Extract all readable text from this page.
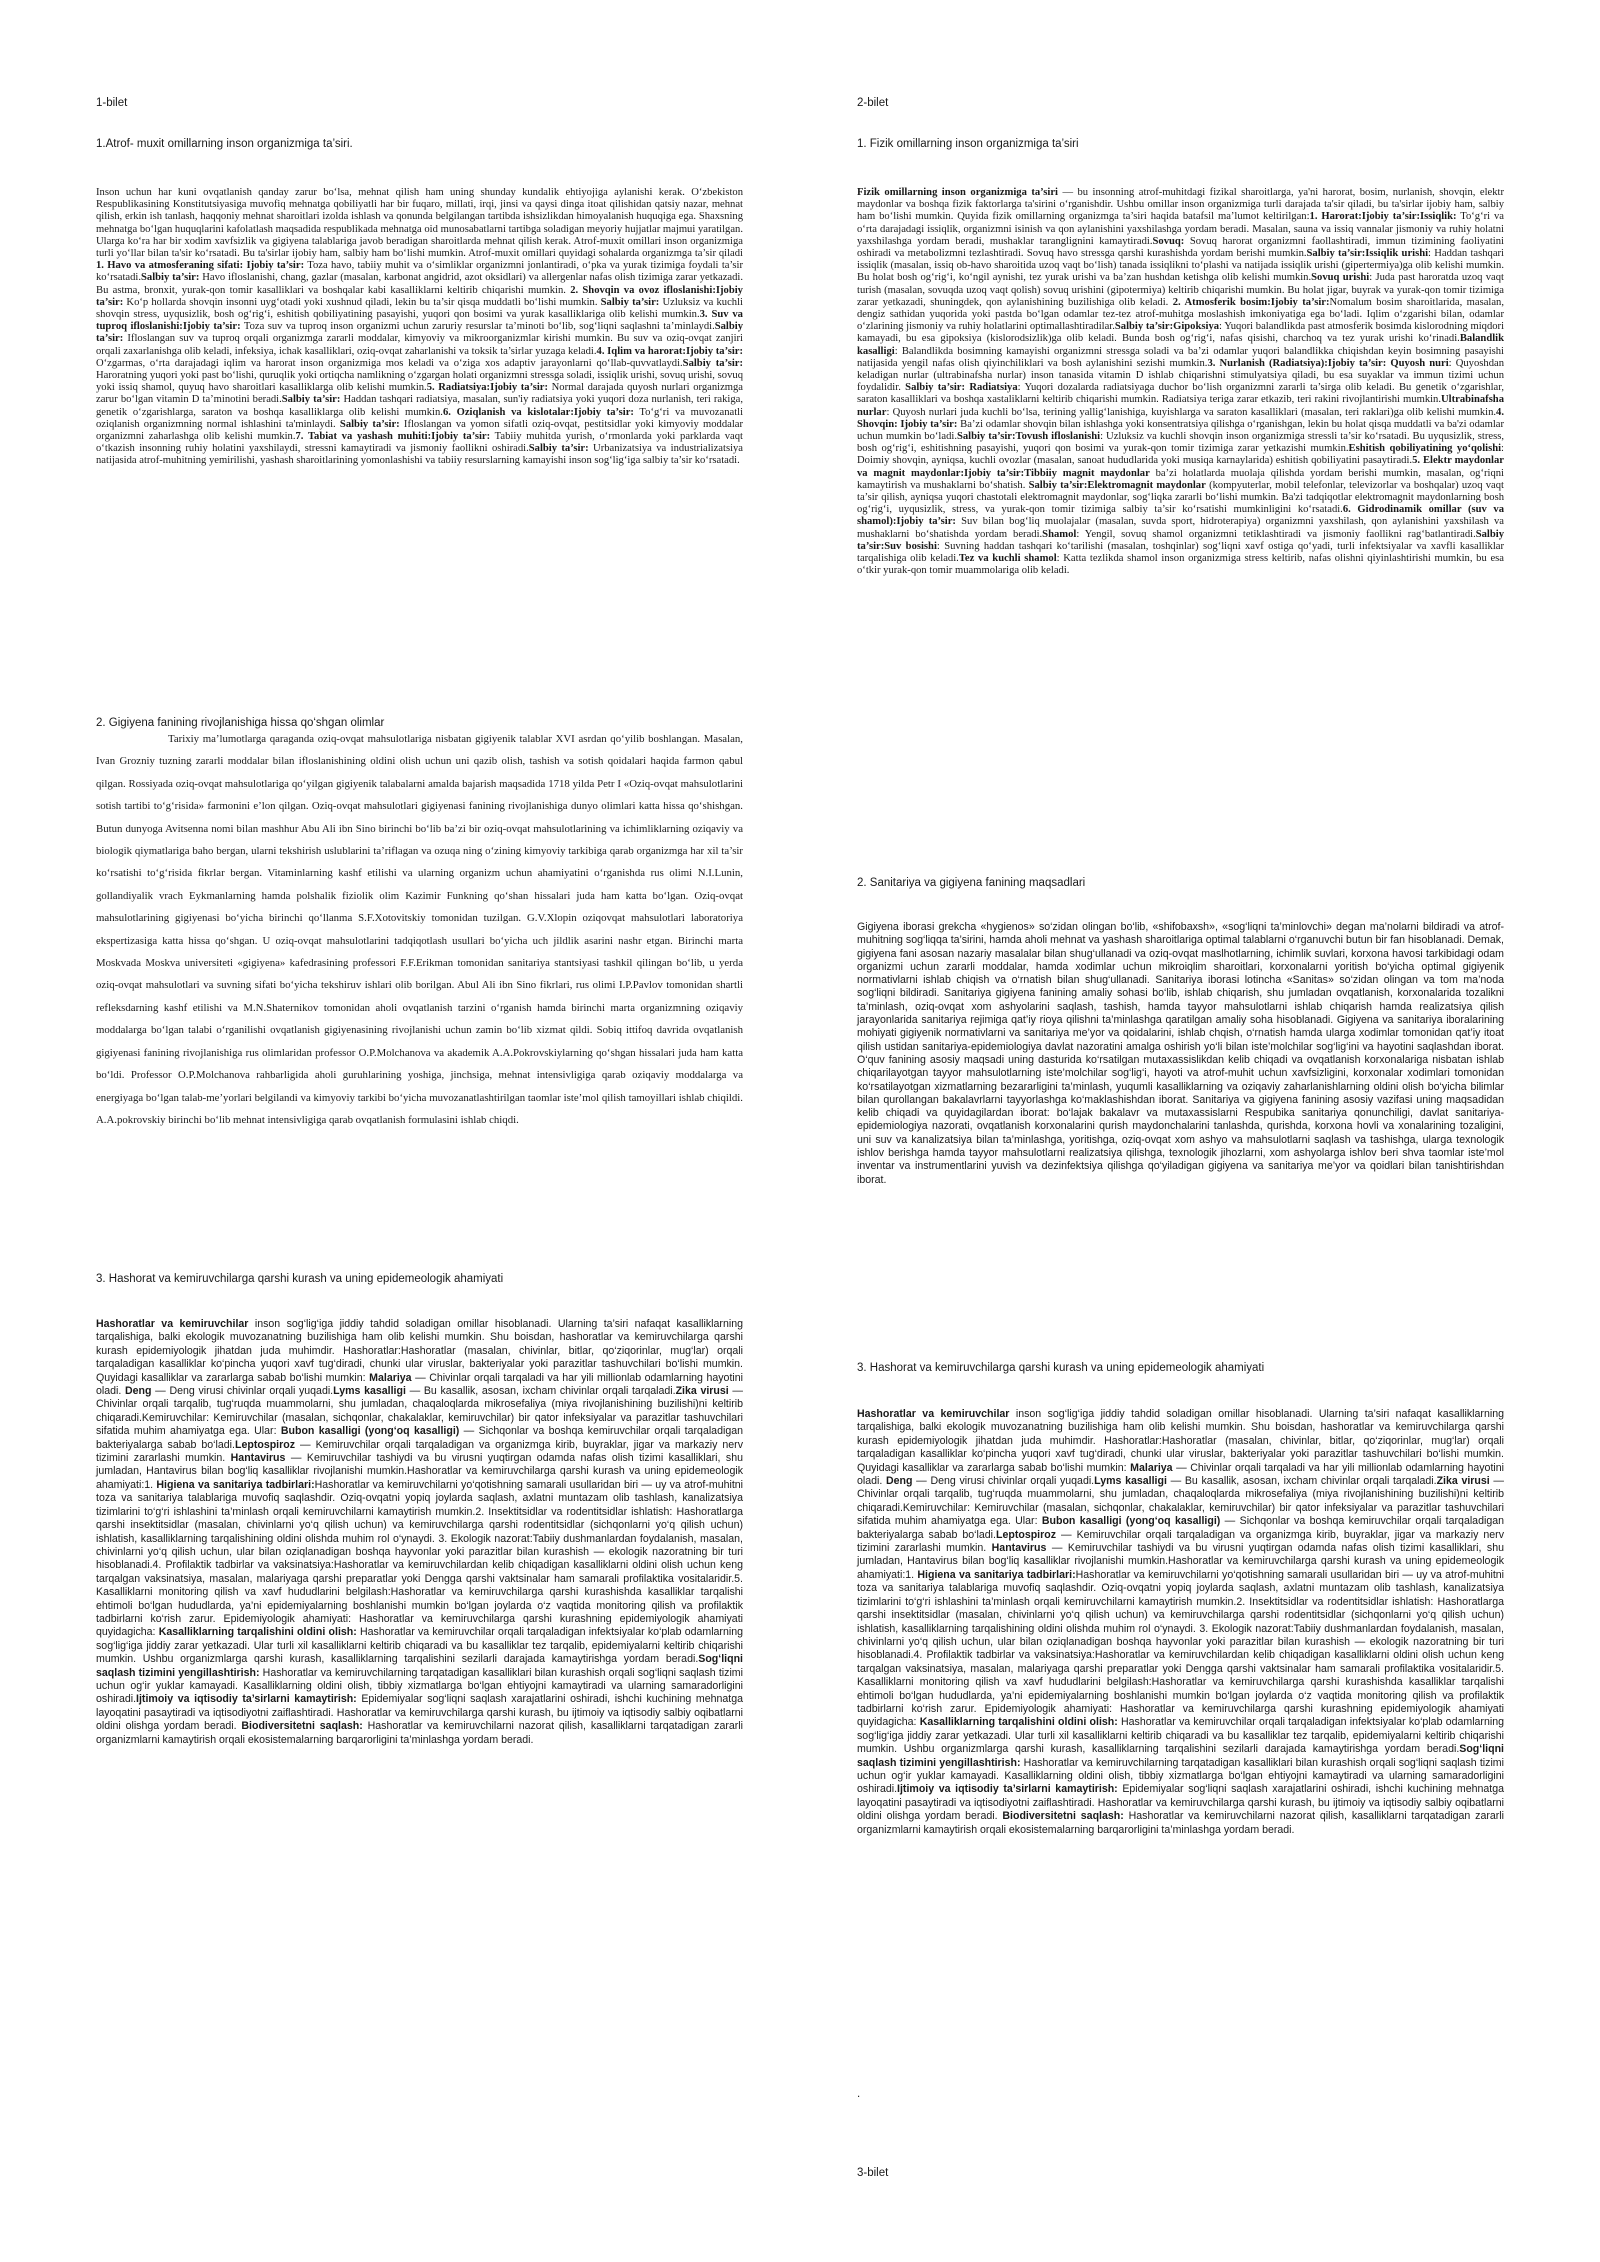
1-bilet
1.Atrof- muxit omillarning inson organizmiga ta’siri.

Inson uchun har kuni ovqatlanish qanday zarur bo‘lsa, mehnat qilish ham uning shunday kundalik ehtiyojiga aylanishi kerak. O‘zbekiston Respublikasining Konstitutsiyasiga muvofiq mehnatga qobiliyatli har bir fuqaro, millati, irqi, jinsi va qaysi dinga itoat qilishidan qatsiy nazar, mehnat qilish, erkin ish tanlash, haqqoniy mehnat sharoitlari izolda ishlash va qonunda belgilangan tartibda ishsizlikdan himoyalanish huquqiga ega. Shaxsning mehnatga bo‘lgan huquqlarini kafolatlash maqsadida respublikada mehnatga oid munosabatlarni tartibga soladigan meyoriy hujjatlar majmui yaratilgan. Ularga ko‘ra har bir xodim xavfsizlik va gigiyena talablariga javob beradigan sharoitlarda mehnat qilish kerak. Atrof-muxit omillari inson organizmiga turli yo‘llar bilan ta'sir ko‘rsatadi. Bu ta'sirlar ijobiy ham, salbiy ham bo‘lishi mumkin. Atrof-muxit omillari quyidagi sohalarda organizmga ta’sir qiladi 1. Havo va atmosferaning sifati: Ijobiy ta’sir: Toza havo, tabiiy muhit va o‘simliklar organizmni jonlantiradi, o‘pka va yurak tizimiga foydali ta’sir ko‘rsatadi.Salbiy ta’sir: Havo ifloslanishi, chang, gazlar (masalan, karbonat angidrid, azot oksidlari) va allergenlar nafas olish tizimiga zarar yetkazadi. Bu astma, bronxit, yurak-qon tomir kasalliklari va boshqalar kabi kasalliklarni keltirib chiqarishi mumkin. 2. Shovqin va ovoz ifloslanishi:Ijobiy ta’sir: Ko‘p hollarda shovqin insonni uyg‘otadi yoki xushnud qiladi, lekin bu ta’sir qisqa muddatli bo‘lishi mumkin. Salbiy ta’sir: Uzluksiz va kuchli shovqin stress, uyqusizlik, bosh og‘rig‘i, eshitish qobiliyatining pasayishi, yuqori qon bosimi va yurak kasalliklariga olib kelishi mumkin.3. Suv va tuproq ifloslanishi:Ijobiy ta’sir: Toza suv va tuproq inson organizmi uchun zaruriy resurslar ta’minoti bo‘lib, sog‘liqni saqlashni ta’minlaydi.Salbiy ta’sir: Ifloslangan suv va tuproq orqali organizmga zararli moddalar, kimyoviy va mikroorganizmlar kirishi mumkin. Bu suv va oziq-ovqat zanjiri orqali zaxarlanishga olib keladi, infeksiya, ichak kasalliklari, oziq-ovqat zaharlanishi va toksik ta’sirlar yuzaga keladi.4. Iqlim va harorat:Ijobiy ta’sir: O‘zgarmas, o‘rta darajadagi iqlim va harorat inson organizmiga mos keladi va o‘ziga xos adaptiv jarayonlarni qo‘llab-quvvatlaydi.Salbiy ta’sir: Haroratning yuqori yoki past bo‘lishi, quruqlik yoki ortiqcha namlikning o‘zgargan holati organizmni stressga soladi, issiqlik urishi, sovuq urishi, sovuq yoki issiq shamol, quyuq havo sharoitlari kasalliklarga olib kelishi mumkin.5. Radiatsiya:Ijobiy ta’sir: Normal darajada quyosh nurlari organizmga zarur bo‘lgan vitamin D ta’minotini beradi.Salbiy ta’sir: Haddan tashqari radiatsiya, masalan, sun'iy radiatsiya yoki yuqori doza nurlanish, teri rakiga, genetik o‘zgarishlarga, saraton va boshqa kasalliklarga olib kelishi mumkin.6. Oziqlanish va kislotalar:Ijobiy ta’sir: To‘g‘ri va muvozanatli oziqlanish organizmning normal ishlashini ta'minlaydi. Salbiy ta’sir: Ifloslangan va yomon sifatli oziq-ovqat, pestitsidlar yoki kimyoviy moddalar organizmni zaharlashga olib kelishi mumkin.7. Tabiat va yashash muhiti:Ijobiy ta’sir: Tabiiy muhitda yurish, o‘rmonlarda yoki parklarda vaqt o‘tkazish insonning ruhiy holatini yaxshilaydi, stressni kamaytiradi va jismoniy faollikni oshiradi.Salbiy ta’sir: Urbanizatsiya va industrializatsiya natijasida atrof-muhitning yemirilishi, yashash sharoitlarining yomonlashishi va tabiiy resurslarning kamayishi inson sog‘lig‘iga salbiy ta’sir ko‘rsatadi.

2. Gigiyena fanining rivojlanishiga hissa qo‘shgan olimlar

Tarixiy ma’lumotlarga qaraganda oziq-ovqat mahsulotlariga nisbatan gigiyenik talablar XVI asrdan qo‘yilib boshlangan. Masalan, Ivan Grozniy tuzning zararli moddalar bilan ifloslanishining oldini olish uchun uni qazib olish, tashish va sotish qoidalari haqida farmon qabul qilgan. Rossiyada oziq-ovqat mahsulotlariga qo‘yilgan gigiyenik talabalarni amalda bajarish maqsadida 1718 yilda Petr I «Oziq-ovqat mahsulotlarini sotish tartibi to‘g‘risida» farmonini e’lon qilgan. Oziq-ovqat mahsulotlari gigiyenasi fanining rivojlanishiga dunyo olimlari katta hissa qo‘shishgan. Butun dunyoga Avitsenna nomi bilan mashhur Abu Ali ibn Sino birinchi bo‘lib ba’zi bir oziq-ovqat mahsulotlarining va ichimliklarning oziqaviy va biologik qiymatlariga baho bergan, ularni tekshirish uslublarini ta’riflagan va ozuqa ning o‘zining kimyoviy tarkibiga qarab organizmga har xil ta’sir ko‘rsatishi to‘g‘risida fikrlar bergan. Vitaminlarning kashf etilishi va ularning organizm uchun ahamiyatini o‘rganishda rus olimi N.I.Lunin, gollandiyalik vrach Eykmanlarning hamda polshalik fiziolik olim Kazimir Funkning qo‘shan hissalari juda ham katta bo‘lgan. Oziq-ovqat mahsulotlarining gigiyenasi bo‘yicha birinchi qo‘llanma S.F.Xotovitskiy tomonidan tuzilgan. G.V.Xlopin oziqovqat mahsulotlari laboratoriya ekspertizasiga katta hissa qo‘shgan. U oziq-ovqat mahsulotlarini tadqiqotlash usullari bo‘yicha uch jildlik asarini nashr etgan. Birinchi marta Moskvada Moskva universiteti «gigiyena» kafedrasining professori F.F.Erikman tomonidan sanitariya stantsiyasi tashkil qilingan bo‘lib, u yerda oziq-ovqat mahsulotlari va suvning sifati bo‘yicha tekshiruv ishlari olib borilgan. Abul Ali ibn Sino fikrlari, rus olimi I.P.Pavlov tomonidan shartli refleksdarning kashf etilishi va M.N.Shaternikov tomonidan aholi ovqatlanish tarzini o‘rganish hamda birinchi marta organizmning oziqaviy moddalarga bo‘lgan talabi o‘rganilishi ovqatlanish gigiyenasining rivojlanishi uchun zamin bo‘lib xizmat qildi. Sobiq ittifoq davrida ovqatlanish gigiyenasi fanining rivojlanishiga rus olimlaridan professor O.P.Molchanova va akademik A.A.Pokrovskiylarning qo‘shgan hissalari juda ham katta bo‘ldi. Professor O.P.Molchanova rahbarligida aholi guruhlarining yoshiga, jinchsiga, mehnat intensivligiga qarab oziqaviy moddalarga va energiyaga bo‘lgan talab-me’yorlari belgilandi va kimyoviy tarkibi bo‘yicha muvozanatlashtirilgan taomlar iste’mol qilish tamoyillari ishlab chiqildi. A.A.pokrovskiy birinchi bo‘lib mehnat intensivligiga qarab ovqatlanish formulasini ishlab chiqdi.

3. Hashorat va kemiruvchilarga qarshi kurash va uning epidemeologik ahamiyati

Hashoratlar va kemiruvchilar inson sog‘lig‘iga jiddiy tahdid soladigan omillar hisoblanadi. Ularning ta’siri nafaqat kasalliklarning tarqalishiga, balki ekologik muvozanatning buzilishiga ham olib kelishi mumkin. Shu boisdan, hashoratlar va kemiruvchilarga qarshi kurash epidemiyologik jihatdan juda muhimdir. Hashoratlar:Hashoratlar (masalan, chivinlar, bitlar, qo‘ziqorinlar, mug‘lar) orqali tarqaladigan kasalliklar ko‘pincha yuqori xavf tug‘diradi, chunki ular viruslar, bakteriyalar yoki parazitlar tashuvchilari bo‘lishi mumkin. Quyidagi kasalliklar va zararlarga sabab bo‘lishi mumkin: Malariya — Chivinlar orqali tarqaladi va har yili millionlab odamlarning hayotini oladi. Deng — Deng virusi chivinlar orqali yuqadi.Lyms kasalligi — Bu kasallik, asosan, ixcham chivinlar orqali tarqaladi.Zika virusi — Chivinlar orqali tarqalib, tug‘ruqda muammolarni, shu jumladan, chaqaloqlarda mikrosefaliya (miya rivojlanishining buzilishi)ni keltirib chiqaradi.Kemiruvchilar: Kemiruvchilar (masalan, sichqonlar, chakalaklar, kemiruvchilar) bir qator infeksiyalar va parazitlar tashuvchilari sifatida muhim ahamiyatga ega. Ular: Bubon kasalligi (yong‘oq kasalligi) — Sichqonlar va boshqa kemiruvchilar orqali tarqaladigan bakteriyalarga sabab bo‘ladi.Leptospiroz — Kemiruvchilar orqali tarqaladigan va organizmga kirib, buyraklar, jigar va markaziy nerv tizimini zararlashi mumkin. Hantavirus — Kemiruvchilar tashiydi va bu virusni yuqtirgan odamda nafas olish tizimi kasalliklari, shu jumladan, Hantavirus bilan bog‘liq kasalliklar rivojlanishi mumkin.Hashoratlar va kemiruvchilarga qarshi kurash va uning epidemeologik ahamiyati:1. Higiena va sanitariya tadbirlari:Hashoratlar va kemiruvchilarni yo‘qotishning samarali usullaridan biri — uy va atrof-muhitni toza va sanitariya talablariga muvofiq saqlashdir. Oziq-ovqatni yopiq joylarda saqlash, axlatni muntazam olib tashlash, kanalizatsiya tizimlarini to‘g‘ri ishlashini ta’minlash orqali kemiruvchilarni kamaytirish mumkin.2. Insektitsidlar va rodentitsidlar ishlatish: Hashoratlarga qarshi insektitsidlar (masalan, chivinlarni yo‘q qilish uchun) va kemiruvchilarga qarshi rodentitsidlar (sichqonlarni yo‘q qilish uchun) ishlatish, kasalliklarning tarqalishining oldini olishda muhim rol o‘ynaydi. 3. Ekologik nazorat:Tabiiy dushmanlardan foydalanish, masalan, chivinlarni yo‘q qilish uchun, ular bilan oziqlanadigan boshqa hayvonlar yoki parazitlar bilan kurashish — ekologik nazoratning bir turi hisoblanadi.4. Profilaktik tadbirlar va vaksinatsiya:Hashoratlar va kemiruvchilardan kelib chiqadigan kasalliklarni oldini olish uchun keng tarqalgan vaksinatsiya, masalan, malariyaga qarshi preparatlar yoki Dengga qarshi vaktsinalar ham samarali profilaktika vositalaridir.5. Kasalliklarni monitoring qilish va xavf hududlarini belgilash:Hashoratlar va kemiruvchilarga qarshi kurashishda kasalliklar tarqalishi ehtimoli bo‘lgan hududlarda, ya’ni epidemiyalarning boshlanishi mumkin bo‘lgan joylarda o‘z vaqtida monitoring qilish va profilaktik tadbirlarni ko‘rish zarur. Epidemiyologik ahamiyati: Hashoratlar va kemiruvchilarga qarshi kurashning epidemiyologik ahamiyati quyidagicha: Kasalliklarning tarqalishini oldini olish: Hashoratlar va kemiruvchilar orqali tarqaladigan infektsiyalar ko‘plab odamlarning sog‘lig‘iga jiddiy zarar yetkazadi. Ular turli xil kasalliklarni keltirib chiqaradi va bu kasalliklar tez tarqalib, epidemiyalarni keltirib chiqarishi mumkin. Ushbu organizmlarga qarshi kurash, kasalliklarning tarqalishini sezilarli darajada kamaytirishga yordam beradi.Sog‘liqni saqlash tizimini yengillashtirish: Hashoratlar va kemiruvchilarning tarqatadigan kasalliklari bilan kurashish orqali sog‘liqni saqlash tizimi uchun og‘ir yuklar kamayadi. Kasalliklarning oldini olish, tibbiy xizmatlarga bo‘lgan ehtiyojni kamaytiradi va ularning samaradorligini oshiradi.Ijtimoiy va iqtisodiy ta’sirlarni kamaytirish: Epidemiyalar sog‘liqni saqlash xarajatlarini oshiradi, ishchi kuchining mehnatga layoqatini pasaytiradi va iqtisodiyotni zaiflashtiradi. Hashoratlar va kemiruvchilarga qarshi kurash, bu ijtimoiy va iqtisodiy salbiy oqibatlarni oldini olishga yordam beradi. Biodiversitetni saqlash: Hashoratlar va kemiruvchilarni nazorat qilish, kasalliklarni tarqatadigan zararli organizmlarni kamaytirish orqali ekosistemalarning barqarorligini ta’minlashga yordam beradi.

2-bilet
1. Fizik omillarning inson organizmiga ta’siri

Fizik omillarning inson organizmiga ta’siri — bu insonning atrof-muhitdagi fizikal sharoitlarga, ya'ni harorat, bosim, nurlanish, shovqin, elektr maydonlar va boshqa fizik faktorlarga ta'sirini o‘rganishdir. Ushbu omillar inson organizmiga turli darajada ta'sir qiladi, bu ta'sirlar ijobiy ham, salbiy ham bo‘lishi mumkin. Quyida fizik omillarning organizmga ta’siri haqida batafsil ma’lumot keltirilgan:1. Harorat:Ijobiy ta’sir:Issiqlik: To‘g‘ri va o‘rta darajadagi issiqlik, organizmni isinish va qon aylanishini yaxshilashga yordam beradi. Masalan, sauna va issiq vannalar jismoniy va ruhiy holatni yaxshilashga yordam beradi, mushaklar taranglignini kamaytiradi.Sovuq: Sovuq harorat organizmni faollashtiradi, immun tizimining faoliyatini oshiradi va metabolizmni tezlashtiradi. Sovuq havo stressga qarshi kurashishda yordam berishi mumkin.Salbiy ta’sir:Issiqlik urishi: Haddan tashqari issiqlik (masalan, issiq ob-havo sharoitida uzoq vaqt bo‘lish) tanada issiqlikni to‘plashi va natijada issiqlik urishi (gipertermiya)ga olib kelishi mumkin. Bu holat bosh og‘rig‘i, ko‘ngil aynishi, tez yurak urishi va ba’zan hushdan ketishga olib kelishi mumkin.Sovuq urishi: Juda past haroratda uzoq vaqt turish (masalan, sovuqda uzoq vaqt qolish) sovuq urishini (gipotermiya) keltirib chiqarishi mumkin. Bu holat jigar, buyrak va yurak-qon tomir tizimiga zarar yetkazadi, shuningdek, qon aylanishining buzilishiga olib keladi. 2. Atmosferik bosim:Ijobiy ta’sir:Nomalum bosim sharoitlarida, masalan, dengiz sathidan yuqorida yoki pastda bo‘lgan odamlar tez-tez atrof-muhitga moslashish imkoniyatiga ega bo‘ladi. Iqlim o‘zgarishi bilan, odamlar o‘zlarining jismoniy va ruhiy holatlarini optimallashtiradilar.Salbiy ta’sir:Gipoksiya: Yuqori balandlikda past atmosferik bosimda kislorodning miqdori kamayadi, bu esa gipoksiya (kislorodsizlik)ga olib keladi. Bunda bosh og‘rig‘i, nafas qisishi, charchoq va tez yurak urishi ko‘rinadi.Balandlik kasalligi: Balandlikda bosimning kamayishi organizmni stressga soladi va ba’zi odamlar yuqori balandlikka chiqishdan keyin bosimning pasayishi natijasida yengil nafas olish qiyinchiliklari va bosh aylanishini sezishi mumkin.3. Nurlanish (Radiatsiya):Ijobiy ta’sir: Quyosh nuri: Quyoshdan keladigan nurlar (ultrabinafsha nurlar) inson tanasida vitamin D ishlab chiqarishni stimulyatsiya qiladi, bu esa suyaklar va immun tizimi uchun foydalidir. Salbiy ta’sir: Radiatsiya: Yuqori dozalarda radiatsiyaga duchor bo‘lish organizmni zararli ta’sirga olib keladi. Bu genetik o‘zgarishlar, saraton kasalliklari va boshqa xastaliklarni keltirib chiqarishi mumkin. Radiatsiya teriga zarar etkazib, teri rakini rivojlantirishi mumkin.Ultrabinafsha nurlar: Quyosh nurlari juda kuchli bo‘lsa, terining yallig‘lanishiga, kuyishlarga va saraton kasalliklari (masalan, teri raklari)ga olib kelishi mumkin.4. Shovqin: Ijobiy ta’sir: Ba’zi odamlar shovqin bilan ishlashga yoki konsentratsiya qilishga o‘rganishgan, lekin bu holat qisqa muddatli va ba'zi odamlar uchun mumkin bo‘ladi.Salbiy ta’sir:Tovush ifloslanishi: Uzluksiz va kuchli shovqin inson organizmiga stressli ta’sir ko‘rsatadi. Bu uyqusizlik, stress, bosh og‘rig‘i, eshitishning pasayishi, yuqori qon bosimi va yurak-qon tomir tizimiga zarar yetkazishi mumkin.Eshitish qobiliyatining yo‘qolishi: Doimiy shovqin, ayniqsa, kuchli ovozlar (masalan, sanoat hududlarida yoki musiqa karnaylarida) eshitish qobiliyatini pasaytiradi.5. Elektr maydonlar va magnit maydonlar:Ijobiy ta’sir:Tibbiiy magnit maydonlar ba’zi holatlarda muolaja qilishda yordam berishi mumkin, masalan, og‘riqni kamaytirish va mushaklarni bo‘shatish. Salbiy ta’sir:Elektromagnit maydonlar (kompyuterlar, mobil telefonlar, televizorlar va boshqalar) uzoq vaqt ta’sir qilish, ayniqsa yuqori chastotali elektromagnit maydonlar, sog‘liqka zararli bo‘lishi mumkin. Ba'zi tadqiqotlar elektromagnit maydonlarning bosh og‘rig‘i, uyqusizlik, stress, va yurak-qon tomir tizimiga salbiy ta’sir ko‘rsatishi mumkinligini ko‘rsatadi.6. Gidrodinamik omillar (suv va shamol):Ijobiy ta’sir: Suv bilan bog‘liq muolajalar (masalan, suvda sport, hidroterapiya) organizmni yaxshilash, qon aylanishini yaxshilash va mushaklarni bo‘shatishda yordam beradi.Shamol: Yengil, sovuq shamol organizmni tetiklashtiradi va jismoniy faollikni rag‘batlantiradi.Salbiy ta’sir:Suv bosishi: Suvning haddan tashqari ko‘tarilishi (masalan, toshqinlar) sog‘liqni xavf ostiga qo‘yadi, turli infektsiyalar va xavfli kasalliklar tarqalishiga olib keladi.Tez va kuchli shamol: Katta tezlikda shamol inson organizmiga stress keltirib, nafas olishni qiyinlashtirishi mumkin, bu esa o‘tkir yurak-qon tomir muammolariga olib keladi.

2. Sanitariya va gigiyena fanining maqsadlari

Gigiyena iborasi grekcha «hygienos» so‘zidan olingan bo‘lib, «shifobaxsh», «sog‘liqni ta’minlovchi» degan ma’nolarni bildiradi va atrof-muhitning sog‘liqqa ta’sirini, hamda aholi mehnat va yashash sharoitlariga optimal talablarni o‘rganuvchi butun bir fan hisoblanadi. Demak, gigiyena fani asosan nazariy masalalar bilan shug‘ullanadi va oziq-ovqat maslhotlarning, ichimlik suvlari, korxona havosi tarkibidagi odam organizmi uchun zararli moddalar, hamda xodimlar uchun mikroiqlim sharoitlari, korxonalarni yoritish bo‘yicha optimal gigiyenik normativlarni ishlab chiqish va o‘rnatish bilan shug‘ullanadi. Sanitariya iborasi lotincha «Sanitas» so‘zidan olingan va tom ma’noda sog‘liqni bildiradi. Sanitariya gigiyena fanining amaliy sohasi bo‘lib, ishlab chiqarish, shu jumladan ovqatlanish, korxonalarida tozalikni ta’minlash, oziq-ovqat xom ashyolarini saqlash, tashish, hamda tayyor mahsulotlarni ishlab chiqarish hamda realizatsiya qilish jarayonlarida sanitariya rejimiga qat’iy rioya qilishni ta’minlashga qaratilgan amaliy soha hisoblanadi. Gigiyena va sanitariya iboralarining mohiyati gigiyenik normativlarni va sanitariya me’yor va qoidalarini, ishlab chqish, o‘rnatish hamda ularga xodimlar tomonidan qat’iy itoat qilish ustidan sanitariya-epidemiologiya davlat nazoratini amalga oshirish yo‘li bilan iste’molchilar sog‘lig‘ini va hayotini saqlashdan iborat. O‘quv fanining asosiy maqsadi uning dasturida ko‘rsatilgan mutaxassislikdan kelib chiqadi va ovqatlanish korxonalariga nisbatan ishlab chiqarilayotgan tayyor mahsulotlarning iste’molchilar sog‘lig‘i, hayoti va atrof-muhit uchun xavfsizligini, korxonalar xodimlari tomonidan ko‘rsatilayotgan xizmatlarning bezararligini ta’minlash, yuqumli kasalliklarning va oziqaviy zaharlanishlarning oldini olish bo‘yicha bilimlar bilan qurollangan bakalavrlarni tayyorlashga ko‘maklashishdan iborat. Sanitariya va gigiyena fanining asosiy vazifasi uning maqsadidan kelib chiqadi va quyidagilardan iborat: bo‘lajak bakalavr va mutaxassislarni Respubika sanitariya qonunchiligi, davlat sanitariya-epidemiologiya nazorati, ovqatlanish korxonalarini qurish maydonchalarini tanlashda, qurishda, korxona hovli va xonalarining tozaligini, uni suv va kanalizatsiya bilan ta’minlashga, yoritishga, oziq-ovqat xom ashyo va mahsulotlarni saqlash va tashishga, ularga texnologik ishlov berishga hamda tayyor mahsulotlarni realizatsiya qilishga, texnologik jihozlarni, xom ashyolarga ishlov beri shva taomlar iste’mol inventar va instrumentlarini yuvish va dezinfektsiya qilishga qo‘yiladigan gigiyena va sanitariya me’yor va qoidlari bilan tanishtirishdan iborat.

3. Hashorat va kemiruvchilarga qarshi kurash va uning epidemeologik ahamiyati

Hashoratlar va kemiruvchilar inson sog‘lig‘iga jiddiy tahdid soladigan omillar hisoblanadi. Ularning ta’siri nafaqat kasalliklarning tarqalishiga, balki ekologik muvozanatning buzilishiga ham olib kelishi mumkin. Shu boisdan, hashoratlar va kemiruvchilarga qarshi kurash epidemiyologik jihatdan juda muhimdir. Hashoratlar:Hashoratlar (masalan, chivinlar, bitlar, qo‘ziqorinlar, mug‘lar) orqali tarqaladigan kasalliklar ko‘pincha yuqori xavf tug‘diradi, chunki ular viruslar, bakteriyalar yoki parazitlar tashuvchilari bo‘lishi mumkin. Quyidagi kasalliklar va zararlarga sabab bo‘lishi mumkin: Malariya — Chivinlar orqali tarqaladi va har yili millionlab odamlarning hayotini oladi. Deng — Deng virusi chivinlar orqali yuqadi.Lyms kasalligi — Bu kasallik, asosan, ixcham chivinlar orqali tarqaladi.Zika virusi — Chivinlar orqali tarqalib, tug‘ruqda muammolarni, shu jumladan, chaqaloqlarda mikrosefaliya (miya rivojlanishining buzilishi)ni keltirib chiqaradi.Kemiruvchilar: Kemiruvchilar (masalan, sichqonlar, chakalaklar, kemiruvchilar) bir qator infeksiyalar va parazitlar tashuvchilari sifatida muhim ahamiyatga ega. Ular: Bubon kasalligi (yong‘oq kasalligi) — Sichqonlar va boshqa kemiruvchilar orqali tarqaladigan bakteriyalarga sabab bo‘ladi.Leptospiroz — Kemiruvchilar orqali tarqaladigan va organizmga kirib, buyraklar, jigar va markaziy nerv tizimini zararlashi mumkin. Hantavirus — Kemiruvchilar tashiydi va bu virusni yuqtirgan odamda nafas olish tizimi kasalliklari, shu jumladan, Hantavirus bilan bog‘liq kasalliklar rivojlanishi mumkin.Hashoratlar va kemiruvchilarga qarshi kurash va uning epidemeologik ahamiyati:1. Higiena va sanitariya tadbirlari:Hashoratlar va kemiruvchilarni yo‘qotishning samarali usullaridan biri — uy va atrof-muhitni toza va sanitariya talablariga muvofiq saqlashdir. Oziq-ovqatni yopiq joylarda saqlash, axlatni muntazam olib tashlash, kanalizatsiya tizimlarini to‘g‘ri ishlashini ta’minlash orqali kemiruvchilarni kamaytirish mumkin.2. Insektitsidlar va rodentitsidlar ishlatish: Hashoratlarga qarshi insektitsidlar (masalan, chivinlarni yo‘q qilish uchun) va kemiruvchilarga qarshi rodentitsidlar (sichqonlarni yo‘q qilish uchun) ishlatish, kasalliklarning tarqalishining oldini olishda muhim rol o‘ynaydi. 3. Ekologik nazorat:Tabiiy dushmanlardan foydalanish, masalan, chivinlarni yo‘q qilish uchun, ular bilan oziqlanadigan boshqa hayvonlar yoki parazitlar bilan kurashish — ekologik nazoratning bir turi hisoblanadi.4. Profilaktik tadbirlar va vaksinatsiya:Hashoratlar va kemiruvchilardan kelib chiqadigan kasalliklarni oldini olish uchun keng tarqalgan vaksinatsiya, masalan, malariyaga qarshi preparatlar yoki Dengga qarshi vaktsinalar ham samarali profilaktika vositalaridir.5. Kasalliklarni monitoring qilish va xavf hududlarini belgilash:Hashoratlar va kemiruvchilarga qarshi kurashishda kasalliklar tarqalishi ehtimoli bo‘lgan hududlarda, ya’ni epidemiyalarning boshlanishi mumkin bo‘lgan joylarda o‘z vaqtida monitoring qilish va profilaktik tadbirlarni ko‘rish zarur. Epidemiyologik ahamiyati: Hashoratlar va kemiruvchilarga qarshi kurashning epidemiyologik ahamiyati quyidagicha: Kasalliklarning tarqalishini oldini olish: Hashoratlar va kemiruvchilar orqali tarqaladigan infektsiyalar ko‘plab odamlarning sog‘lig‘iga jiddiy zarar yetkazadi. Ular turli xil kasalliklarni keltirib chiqaradi va bu kasalliklar tez tarqalib, epidemiyalarni keltirib chiqarishi mumkin. Ushbu organizmlarga qarshi kurash, kasalliklarning tarqalishini sezilarli darajada kamaytirishga yordam beradi.Sog‘liqni saqlash tizimini yengillashtirish: Hashoratlar va kemiruvchilarning tarqatadigan kasalliklari bilan kurashish orqali sog‘liqni saqlash tizimi uchun og‘ir yuklar kamayadi. Kasalliklarning oldini olish, tibbiy xizmatlarga bo‘lgan ehtiyojni kamaytiradi va ularning samaradorligini oshiradi.Ijtimoiy va iqtisodiy ta’sirlarni kamaytirish: Epidemiyalar sog‘liqni saqlash xarajatlarini oshiradi, ishchi kuchining mehnatga layoqatini pasaytiradi va iqtisodiyotni zaiflashtiradi. Hashoratlar va kemiruvchilarga qarshi kurash, bu ijtimoiy va iqtisodiy salbiy oqibatlarni oldini olishga yordam beradi. Biodiversitetni saqlash: Hashoratlar va kemiruvchilarni nazorat qilish, kasalliklarni tarqatadigan zararli organizmlarni kamaytirish orqali ekosistemalarning barqarorligini ta’minlashga yordam beradi.

.
3-bilet
